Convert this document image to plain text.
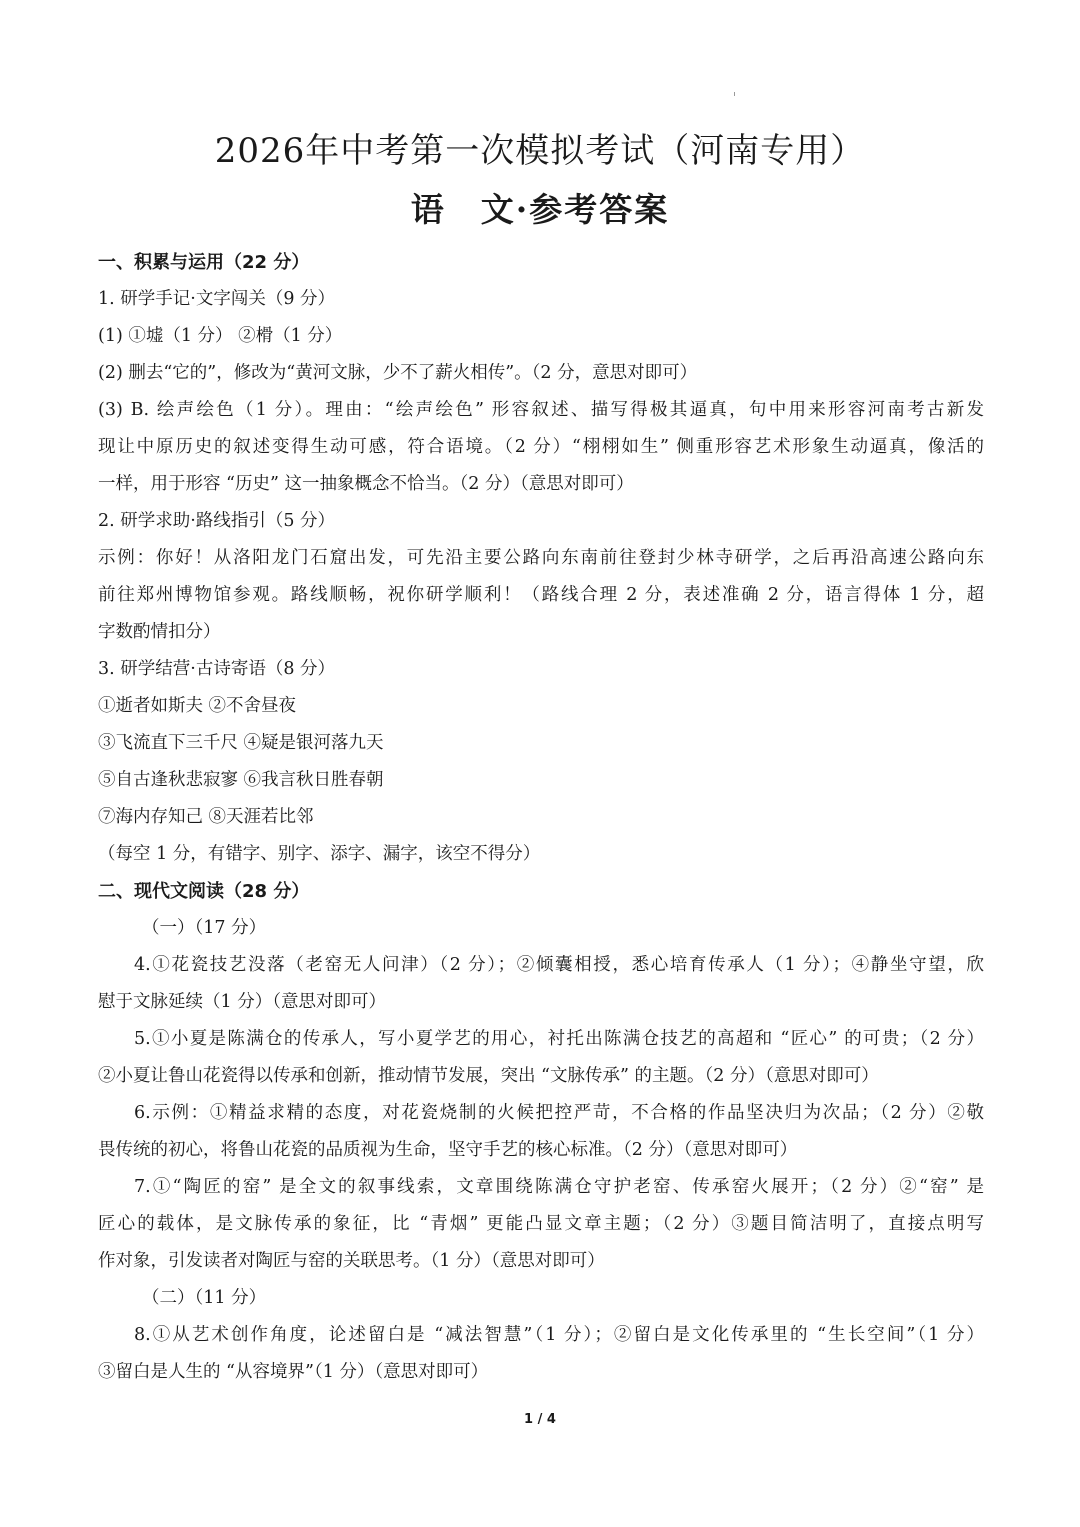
2026年中考第一次模拟考试（河南专用）
语　文·参考答案
一、积累与运用（22 分）
1. 研学手记·文字闯关（9 分）
(1) ①墟（1 分） ②榾（1 分）
(2) 删去“它的”，修改为“黄河文脉，少不了薪火相传”。（2 分，意思对即可）
(3) B. 绘声绘色（1 分）。理由：“绘声绘色” 形容叙述、描写得极其逼真，句中用来形容河南考古新发
现让中原历史的叙述变得生动可感，符合语境。（2 分）“栩栩如生” 侧重形容艺术形象生动逼真，像活的
一样，用于形容 “历史” 这一抽象概念不恰当。（2 分）（意思对即可）
2. 研学求助·路线指引（5 分）
示例：你好！从洛阳龙门石窟出发，可先沿主要公路向东南前往登封少林寺研学，之后再沿高速公路向东
前往郑州博物馆参观。路线顺畅，祝你研学顺利！（路线合理 2 分，表述准确 2 分，语言得体 1 分，超
字数酌情扣分）
3. 研学结营·古诗寄语（8 分）
①逝者如斯夫 ②不舍昼夜
③飞流直下三千尺 ④疑是银河落九天
⑤自古逢秋悲寂寥 ⑥我言秋日胜春朝
⑦海内存知己 ⑧天涯若比邻
（每空 1 分，有错字、别字、添字、漏字，该空不得分）
二、现代文阅读（28 分）
（一）（17 分）
4.①花瓷技艺没落（老窑无人问津）（2 分）；②倾囊相授，悉心培育传承人（1 分）；④静坐守望，欣
慰于文脉延续（1 分）（意思对即可）
5.①小夏是陈满仓的传承人，写小夏学艺的用心，衬托出陈满仓技艺的高超和 “匠心” 的可贵；（2 分）
②小夏让鲁山花瓷得以传承和创新，推动情节发展，突出 “文脉传承” 的主题。（2 分）（意思对即可）
6.示例：①精益求精的态度，对花瓷烧制的火候把控严苛，不合格的作品坚决归为次品；（2 分）②敬
畏传统的初心，将鲁山花瓷的品质视为生命，坚守手艺的核心标准。（2 分）（意思对即可）
7.①“陶匠的窑” 是全文的叙事线索，文章围绕陈满仓守护老窑、传承窑火展开；（2 分）②“窑” 是
匠心的载体，是文脉传承的象征，比 “青烟” 更能凸显文章主题；（2 分）③题目简洁明了，直接点明写
作对象，引发读者对陶匠与窑的关联思考。（1 分）（意思对即可）
（二）（11 分）
8.①从艺术创作角度，论述留白是 “减法智慧”（1 分）；②留白是文化传承里的 “生长空间”（1 分）
③留白是人生的 “从容境界”（1 分）（意思对即可）
1 / 4
